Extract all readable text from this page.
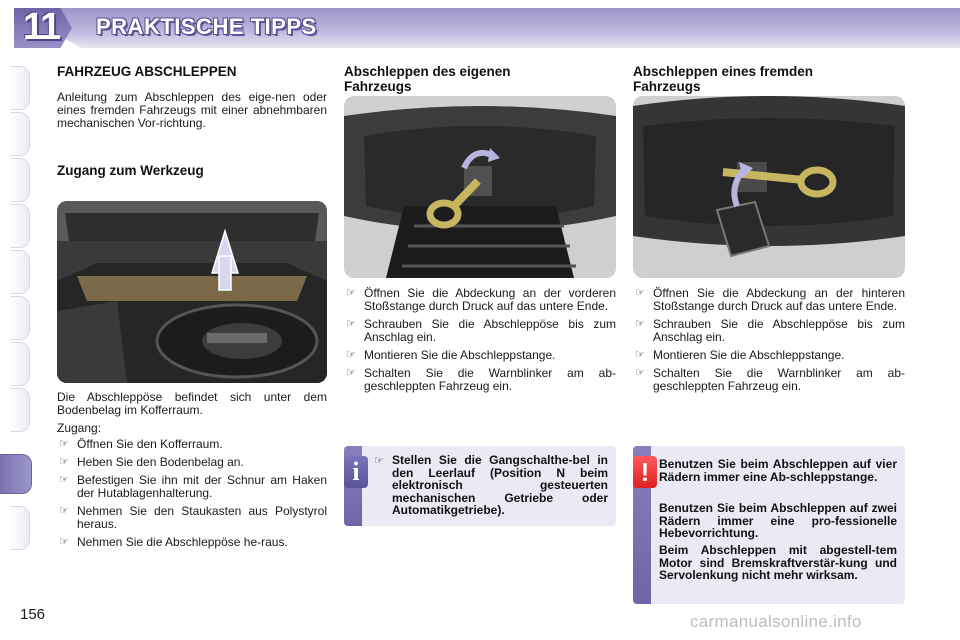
11 PRAKTISCHE TIPPS
FAHRZEUG ABSCHLEPPEN

Anleitung zum Abschleppen des eige-nen oder eines fremden Fahrzeugs mit einer abnehmbaren mechanischen Vor-richtung.

Zugang zum Werkzeug

Die Abschleppöse befindet sich unter dem Bodenbelag im Kofferraum.

Zugang:

☞ Öffnen Sie den Kofferraum.
☞ Heben Sie den Bodenbelag an.
☞ Befestigen Sie ihn mit der Schnur am Haken der Hutablagenhalterung.
☞ Nehmen Sie den Staukasten aus Polystyrol heraus.
☞ Nehmen Sie die Abschleppöse he-raus.
Abschleppen des eigenen Fahrzeugs
☞ Öffnen Sie die Abdeckung an der vorderen Stoßstange durch Druck auf das untere Ende.
☞ Schrauben Sie die Abschleppöse bis zum Anschlag ein.
☞ Montieren Sie die Abschleppstange.
☞ Schalten Sie die Warnblinker am ab-geschleppten Fahrzeug ein.
i	☞ Stellen Sie die Gangschalthe-bel in den Leerlauf (Position N beim elektronisch gesteuerten mechanischen Getriebe oder Automatikgetriebe).
Abschleppen eines fremden Fahrzeugs
☞ Öffnen Sie die Abdeckung an der hinteren Stoßstange durch Druck auf das untere Ende.
☞ Schrauben Sie die Abschleppöse bis zum Anschlag ein.
☞ Montieren Sie die Abschleppstange.
☞ Schalten Sie die Warnblinker am ab-geschleppten Fahrzeug ein.
! Benutzen Sie beim Abschleppen auf vier Rädern immer eine Ab-schleppstange.
Benutzen Sie beim Abschleppen auf zwei Rädern immer eine pro-fessionelle Hebevorrichtung.
Beim Abschleppen mit abgestell-tem Motor sind Bremskraftverstär-kung und Servolenkung nicht mehr wirksam.
156	carmanualsonline.info
